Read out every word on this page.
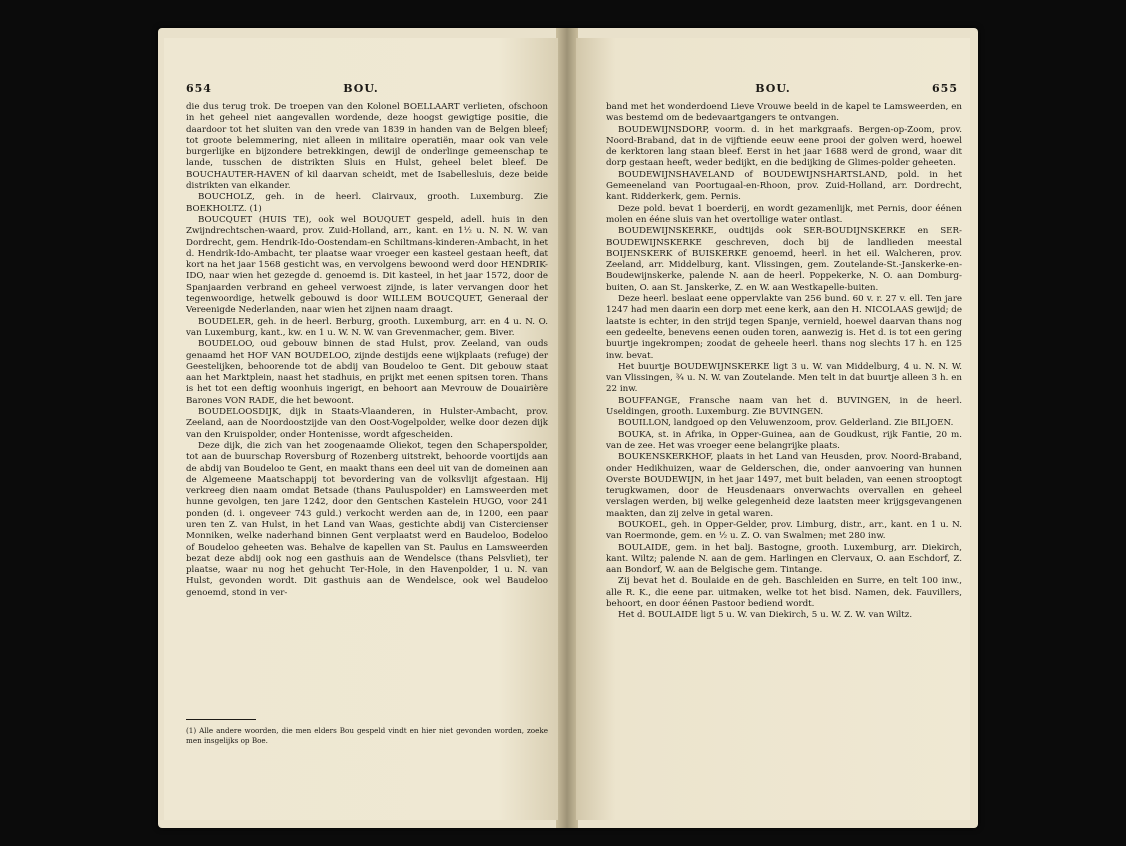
654	BOU.

die dus terug trok. De troepen van den Kolonel BOELLAART verlieten, ofschoon in het geheel niet aangevallen wordende, deze hoogst gewigtige positie, die daardoor tot het sluiten van den vrede van 1839 in handen van de Belgen bleef; tot groote belemmering, niet alleen in militaire operatiën, maar ook van vele burgerlijke en bijzondere betrekkingen, dewijl de onderlinge gemeenschap te lande, tusschen de distrikten Sluis en Hulst, geheel belet bleef. De BOUCHAUTER-HAVEN of kil daarvan scheidt, met de Isabellesluis, deze beide distrikten van elkander.

BOUCHOLZ, geh. in de heerl. Clairvaux, grooth. Luxemburg. Zie BOEKHOLTZ. (1)

BOUCQUET (HUIS TE), ook wel BOUQUET gespeld, adell. huis in den Zwijndrechtschen-waard, prov. Zuid-Holland, arr., kant. en 1½ u. N. N. W. van Dordrecht, gem. Hendrik-Ido-Oostendam-en Schiltmans-kinderen-Ambacht, in het d. Hendrik-Ido-Ambacht, ter plaatse waar vroeger een kasteel gestaan heeft, dat kort na het jaar 1568 gesticht was, en vervolgens bewoond werd door HENDRIK-IDO, naar wien het gezegde d. genoemd is. Dit kasteel, in het jaar 1572, door de Spanjaarden verbrand en geheel verwoest zijnde, is later vervangen door het tegenwoordige, hetwelk gebouwd is door WILLEM BOUCQUET, Generaal der Vereenigde Nederlanden, naar wien het zijnen naam draagt.

BOUDELER, geh. in de heerl. Berburg, grooth. Luxemburg, arr. en 4 u. N. O. van Luxemburg, kant., kw. en 1 u. W. N. W. van Grevenmacher, gem. Biver.

BOUDELOO, oud gebouw binnen de stad Hulst, prov. Zeeland, van ouds genaamd het HOF VAN BOUDELOO, zijnde destijds eene wijkplaats (refuge) der Geestelijken, behoorende tot de abdij van Boudeloo te Gent. Dit gebouw staat aan het Marktplein, naast het stadhuis, en prijkt met eenen spitsen toren. Thans is het tot een deftig woonhuis ingerigt, en behoort aan Mevrouw de Douairière Barones VON RADE, die het bewoont.

BOUDELOOSDIJK, dijk in Staats-Vlaanderen, in Hulster-Ambacht, prov. Zeeland, aan de Noordoostzijde van den Oost-Vogelpolder, welke door dezen dijk van den Kruispolder, onder Hontenisse, wordt afgescheiden.

Deze dijk, die zich van het zoogenaamde Oliekot, tegen den Schaperspolder, tot aan de buurschap Roversburg of Rozenberg uitstrekt, behoorde voortijds aan de abdij van Boudeloo te Gent, en maakt thans een deel uit van de domeinen aan de Algemeene Maatschappij tot bevordering van de volksvlijt afgestaan. Hij verkreeg dien naam omdat Betsade (thans Pauluspolder) en Lamsweerden met hunne gevolgen, ten jare 1242, door den Gentschen Kastelein HUGO, voor 241 ponden (d. i. ongeveer 743 guld.) verkocht werden aan de, in 1200, een paar uren ten Z. van Hulst, in het Land van Waas, gestichte abdij van Cistercienser Monniken, welke naderhand binnen Gent verplaatst werd en Baudeloo, Bodeloo of Boudeloo geheeten was. Behalve de kapellen van St. Paulus en Lamsweerden bezat deze abdij ook nog een gasthuis aan de Wendelsce (thans Pelsvliet), ter plaatse, waar nu nog het gehucht Ter-Hole, in den Havenpolder, 1 u. N. van Hulst, gevonden wordt. Dit gasthuis aan de Wendelsce, ook wel Baudeloo genoemd, stond in ver-

(1) Alle andere woorden, die men elders Bou gespeld vindt en hier niet gevonden worden, zoeke men insgelijks op Boe.
BOU.	655

band met het wonderdoend Lieve Vrouwe beeld in de kapel te Lamsweerden, en was bestemd om de bedevaartgangers te ontvangen.

BOUDEWIJNSDORP, voorm. d. in het markgraafs. Bergen-op-Zoom, prov. Noord-Braband, dat in de vijftiende eeuw eene prooi der golven werd, hoewel de kerktoren lang staan bleef. Eerst in het jaar 1688 werd de grond, waar dit dorp gestaan heeft, weder bedijkt, en die bedijking de Glimes-polder geheeten.

BOUDEWIJNSHAVELAND of BOUDEWIJNSHARTSLAND, pold. in het Gemeeneland van Poortugaal-en-Rhoon, prov. Zuid-Holland, arr. Dordrecht, kant. Ridderkerk, gem. Pernis.

Deze pold. bevat 1 boerderij, en wordt gezamenlijk, met Pernis, door éénen molen en ééne sluis van het overtollige water ontlast.

BOUDEWIJNSKERKE, oudtijds ook SER-BOUDIJNSKERKE en SER-BOUDEWIJNSKERKE geschreven, doch bij de landlieden meestal BOIJENSKERK of BUISKERKE genoemd, heerl. in het eil. Walcheren, prov. Zeeland, arr. Middelburg, kant. Vlissingen, gem. Zoutelande-St.-Janskerke-en-Boudewijnskerke, palende N. aan de heerl. Poppekerke, N. O. aan Domburg-buiten, O. aan St. Janskerke, Z. en W. aan Westkapelle-buiten.

Deze heerl. beslaat eene oppervlakte van 256 bund. 60 v. r. 27 v. ell. Ten jare 1247 had men daarin een dorp met eene kerk, aan den H. NICOLAAS gewijd; de laatste is echter, in den strijd tegen Spanje, vernield, hoewel daarvan thans nog een gedeelte, benevens eenen ouden toren, aanwezig is. Het d. is tot een gering buurtje ingekrompen; zoodat de geheele heerl. thans nog slechts 17 h. en 125 inw. bevat.

Het buurtje BOUDEWIJNSKERKE ligt 3 u. W. van Middelburg, 4 u. N. N. W. van Vlissingen, ¾ u. N. W. van Zoutelande. Men telt in dat buurtje alleen 3 h. en 22 inw.

BOUFFANGE, Fransche naam van het d. BUVINGEN, in de heerl. Useldingen, grooth. Luxemburg. Zie BUVINGEN.

BOUILLON, landgoed op den Veluwenzoom, prov. Gelderland. Zie BILJOEN.

BOUKA, st. in Afrika, in Opper-Guinea, aan de Goudkust, rijk Fantie, 20 m. van de zee. Het was vroeger eene belangrijke plaats.

BOUKENSKERKHOF, plaats in het Land van Heusden, prov. Noord-Braband, onder Hedikhuizen, waar de Gelderschen, die, onder aanvoering van hunnen Overste BOUDEWIJN, in het jaar 1497, met buit beladen, van eenen strooptogt terugkwamen, door de Heusdenaars onverwachts overvallen en geheel verslagen werden, bij welke gelegenheid deze laatsten meer krijgsgevangenen maakten, dan zij zelve in getal waren.

BOUKOEL, geh. in Opper-Gelder, prov. Limburg, distr., arr., kant. en 1 u. N. van Roermonde, gem. en ½ u. Z. O. van Swalmen; met 280 inw.

BOULAIDE, gem. in het balj. Bastogne, grooth. Luxemburg, arr. Diekirch, kant. Wiltz; palende N. aan de gem. Harlingen en Clervaux, O. aan Eschdorf, Z. aan Bondorf, W. aan de Belgische gem. Tintange.

Zij bevat het d. Boulaide en de geh. Baschleiden en Surre, en telt 100 inw., alle R. K., die eene par. uitmaken, welke tot het bisd. Namen, dek. Fauvillers, behoort, en door éénen Pastoor bediend wordt.

Het d. BOULAIDE ligt 5 u. W. van Diekirch, 5 u. W. Z. W. van Wiltz.
